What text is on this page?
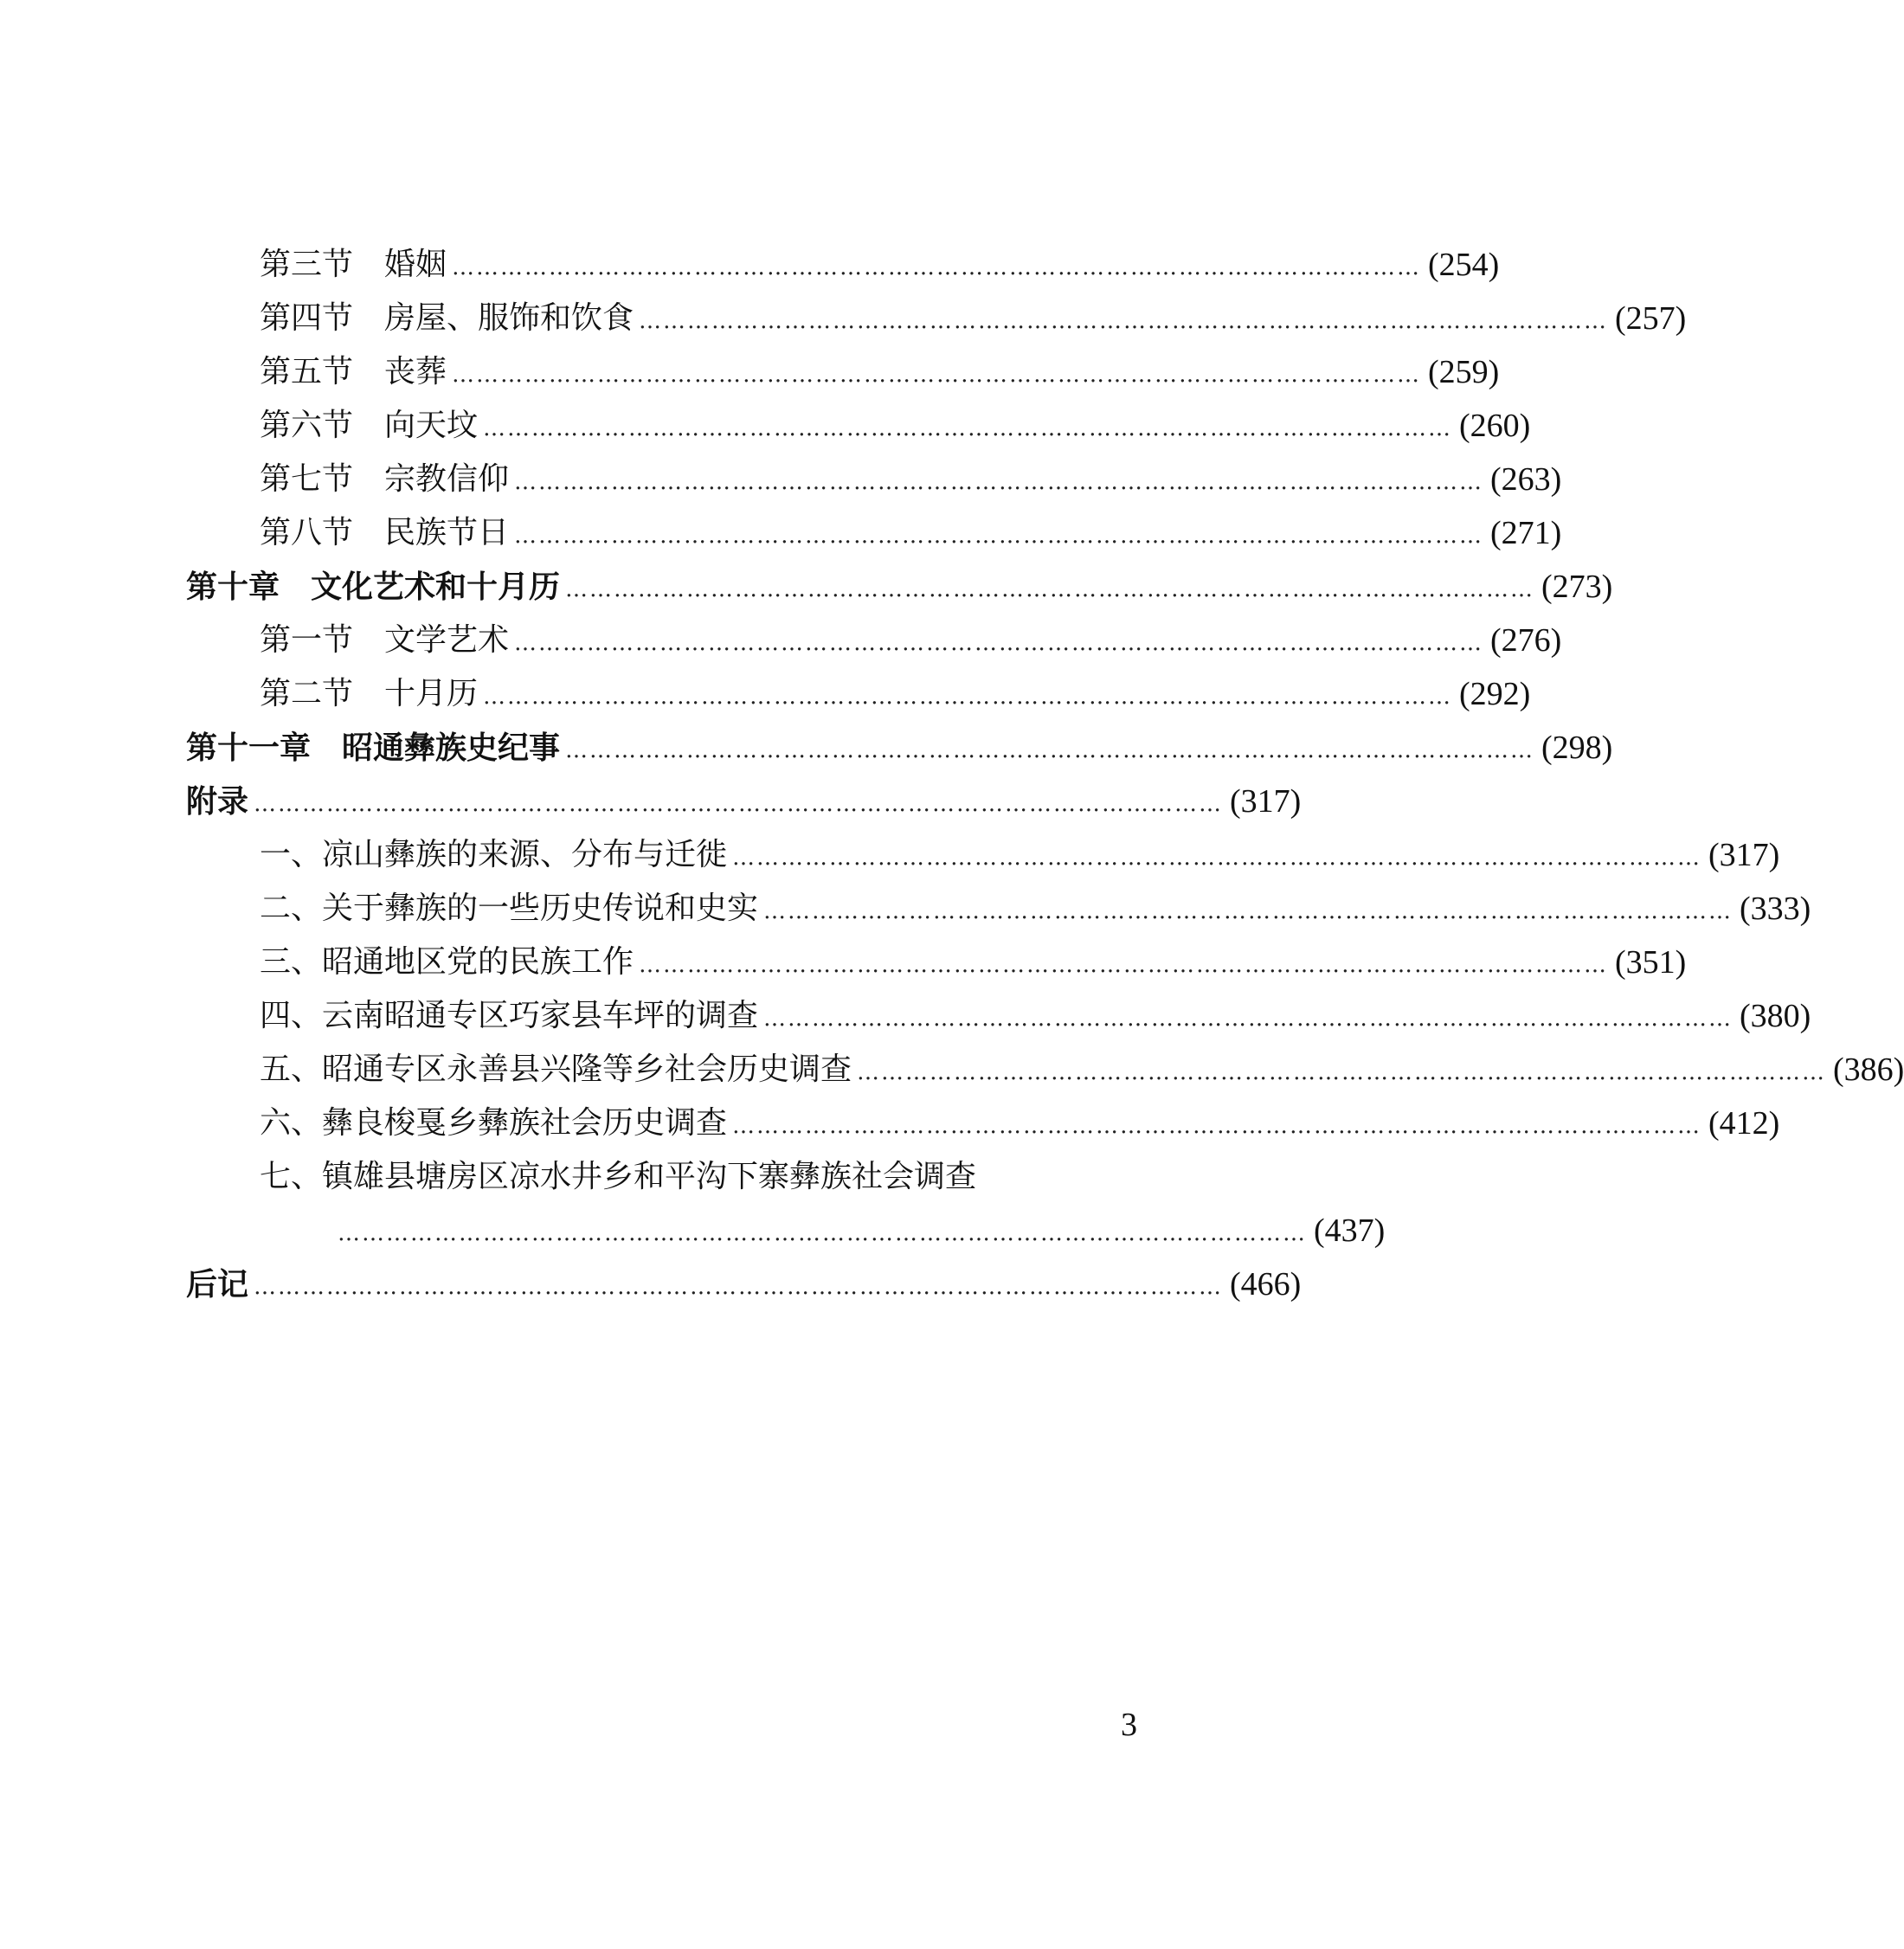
第三节　婚姻 ………………………………………………………………………………………………………… (254)
第四节　房屋、服饰和饮食 ………………………………………………………………………………………………………… (257)
第五节　丧葬 ………………………………………………………………………………………………………… (259)
第六节　向天坟 ………………………………………………………………………………………………………… (260)
第七节　宗教信仰 ………………………………………………………………………………………………………… (263)
第八节　民族节日 ………………………………………………………………………………………………………… (271)
第十章　文化艺术和十月历 ………………………………………………………………………………………………………… (273)
第一节　文学艺术 ………………………………………………………………………………………………………… (276)
第二节　十月历 ………………………………………………………………………………………………………… (292)
第十一章　昭通彝族史纪事 ………………………………………………………………………………………………………… (298)
附录 ………………………………………………………………………………………………………… (317)
一、凉山彝族的来源、分布与迁徙 ………………………………………………………………………………………………………… (317)
二、关于彝族的一些历史传说和史实 ………………………………………………………………………………………………………… (333)
三、昭通地区党的民族工作 ………………………………………………………………………………………………………… (351)
四、云南昭通专区巧家县车坪的调查 ………………………………………………………………………………………………………… (380)
五、昭通专区永善县兴隆等乡社会历史调查 ………………………………………………………………………………………………………… (386)
六、彝良梭戛乡彝族社会历史调查 ………………………………………………………………………………………………………… (412)
七、镇雄县塘房区凉水井乡和平沟下寨彝族社会调查
………………………………………………………………………………………………………… (437)
后记 ………………………………………………………………………………………………………… (466)
3
